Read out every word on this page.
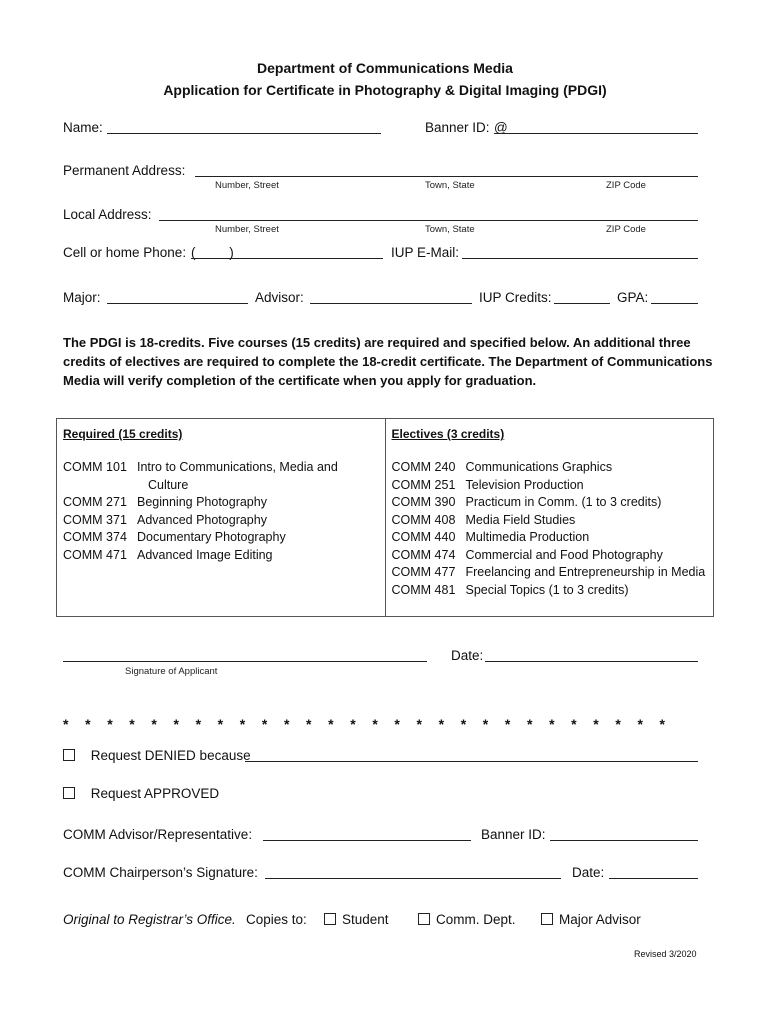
Department of Communications Media
Application for Certificate in Photography & Digital Imaging (PDGI)
Name:	Banner ID: @
Permanent Address:
Number, Street	Town, State	ZIP Code
Local Address:
Number, Street	Town, State	ZIP Code
Cell or home Phone: (         )	IUP E-Mail:
Major:	Advisor:	IUP Credits:	GPA:
The PDGI is 18-credits. Five courses (15 credits) are required and specified below. An additional three credits of electives are required to complete the 18-credit certificate. The Department of Communications Media will verify completion of the certificate when you apply for graduation.
Required (15 credits)
COMM 101 Intro to Communications, Media and
Culture
COMM 271 Beginning Photography
COMM 371 Advanced Photography
COMM 374 Documentary Photography
COMM 471 Advanced Image Editing

Electives (3 credits)
COMM 240 Communications Graphics
COMM 251 Television Production
COMM 390 Practicum in Comm. (1 to 3 credits)
COMM 408 Media Field Studies
COMM 440 Multimedia Production
COMM 474 Commercial and Food Photography
COMM 477 Freelancing and Entrepreneurship in Media
COMM 481 Special Topics (1 to 3 credits)
Signature of Applicant
Date:
* * * * * * * * * * * * * * * * * * * * * * * * * * * *
Request DENIED because
Request APPROVED
COMM Advisor/Representative:	Banner ID:
COMM Chairperson’s Signature:	Date:
Original to Registrar’s Office. Copies to:	Student	Comm. Dept.	Major Advisor
Revised 3/2020
